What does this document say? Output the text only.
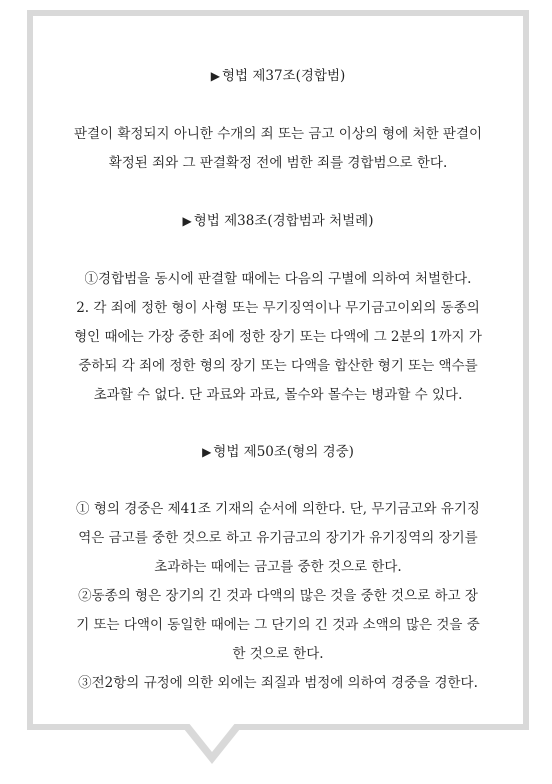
▶ 형법 제37조(경합범)
판결이 확정되지 아니한 수개의 죄 또는 금고 이상의 형에 처한 판결이
확정된 죄와 그 판결확정 전에 범한 죄를 경합범으로 한다.
▶ 형법 제38조(경합범과 처벌례)
①경합범을 동시에 판결할 때에는 다음의 구별에 의하여 처벌한다.
2. 각 죄에 정한 형이 사형 또는 무기징역이나 무기금고이외의 동종의
형인 때에는 가장 중한 죄에 정한 장기 또는 다액에 그 2분의 1까지 가
중하되 각 죄에 정한 형의 장기 또는 다액을 합산한 형기 또는 액수를
초과할 수 없다. 단 과료와 과료, 몰수와 몰수는 병과할 수 있다.
▶ 형법 제50조(형의 경중)
① 형의 경중은 제41조 기재의 순서에 의한다. 단, 무기금고와 유기징
역은 금고를 중한 것으로 하고 유기금고의 장기가 유기징역의 장기를
초과하는 때에는 금고를 중한 것으로 한다.
②동종의 형은 장기의 긴 것과 다액의 많은 것을 중한 것으로 하고 장
기 또는 다액이 동일한 때에는 그 단기의 긴 것과 소액의 많은 것을 중
한 것으로 한다.
③전2항의 규정에 의한 외에는 죄질과 범정에 의하여 경중을 경한다.
